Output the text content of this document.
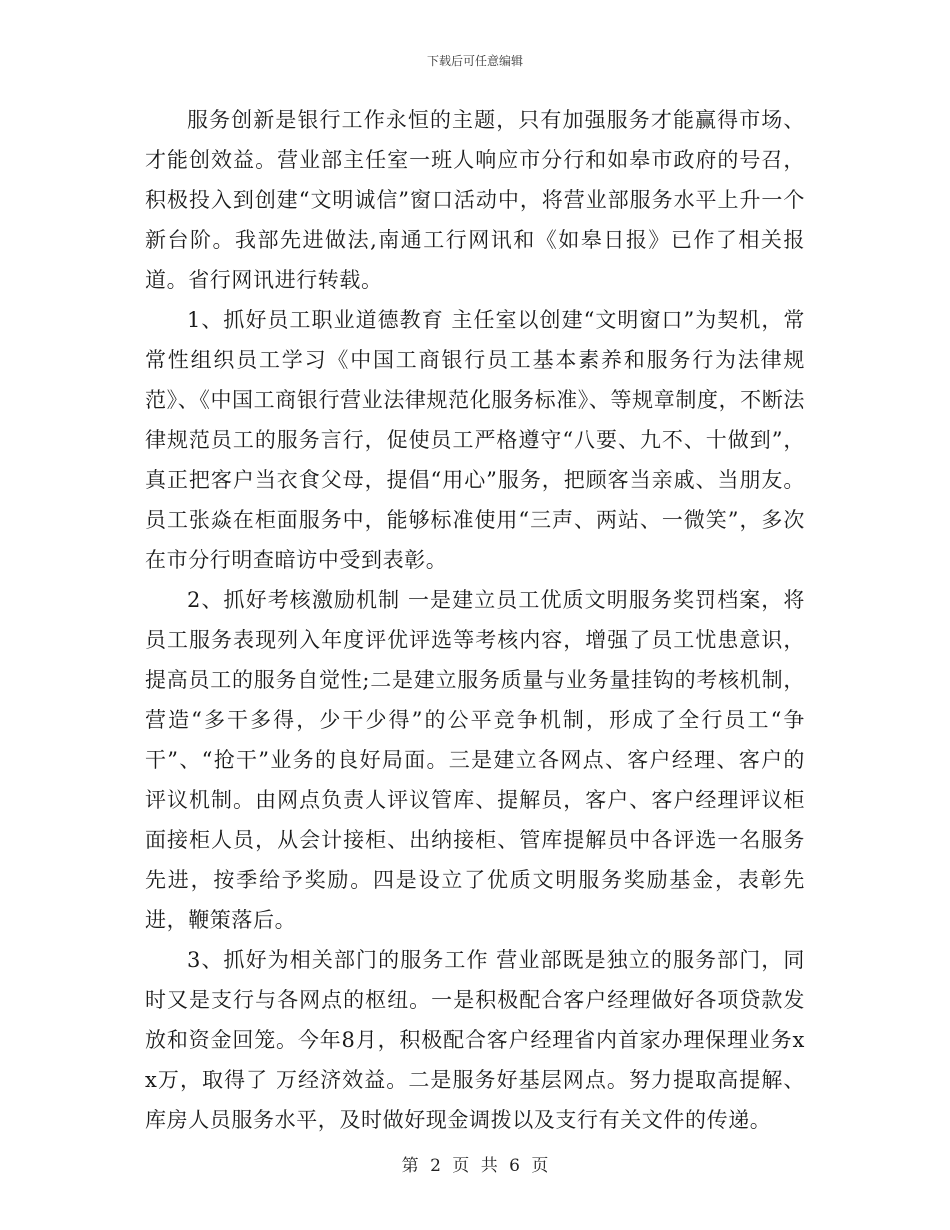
下载后可任意编辑

服务创新是银行工作永恒的主题，只有加强服务才能赢得市场、才能创效益。营业部主任室一班人响应市分行和如皋市政府的号召，积极投入到创建“文明诚信”窗口活动中，将营业部服务水平上升一个新台阶。我部先进做法,南通工行网讯和《如皋日报》已作了相关报道。省行网讯进行转载。

1、抓好员工职业道德教育 主任室以创建“文明窗口”为契机，常常性组织员工学习《中国工商银行员工基本素养和服务行为法律规范》、《中国工商银行营业法律规范化服务标准》、等规章制度，不断法律规范员工的服务言行，促使员工严格遵守“八要、九不、十做到”，真正把客户当衣食父母，提倡“用心”服务，把顾客当亲戚、当朋友。员工张焱在柜面服务中，能够标准使用“三声、两站、一微笑”，多次在市分行明查暗访中受到表彰。

2、抓好考核激励机制 一是建立员工优质文明服务奖罚档案，将员工服务表现列入年度评优评选等考核内容，增强了员工忧患意识，提高员工的服务自觉性;二是建立服务质量与业务量挂钩的考核机制，营造“多干多得，少干少得”的公平竞争机制，形成了全行员工“争干”、“抢干”业务的良好局面。三是建立各网点、客户经理、客户的评议机制。由网点负责人评议管库、提解员，客户、客户经理评议柜面接柜人员，从会计接柜、出纳接柜、管库提解员中各评选一名服务先进，按季给予奖励。四是设立了优质文明服务奖励基金，表彰先进，鞭策落后。

3、抓好为相关部门的服务工作 营业部既是独立的服务部门，同时又是支行与各网点的枢纽。一是积极配合客户经理做好各项贷款发放和资金回笼。今年8月，积极配合客户经理省内首家办理保理业务xx万，取得了 万经济效益。二是服务好基层网点。努力提取高提解、库房人员服务水平，及时做好现金调拨以及支行有关文件的传递。

第 2 页 共 6 页
